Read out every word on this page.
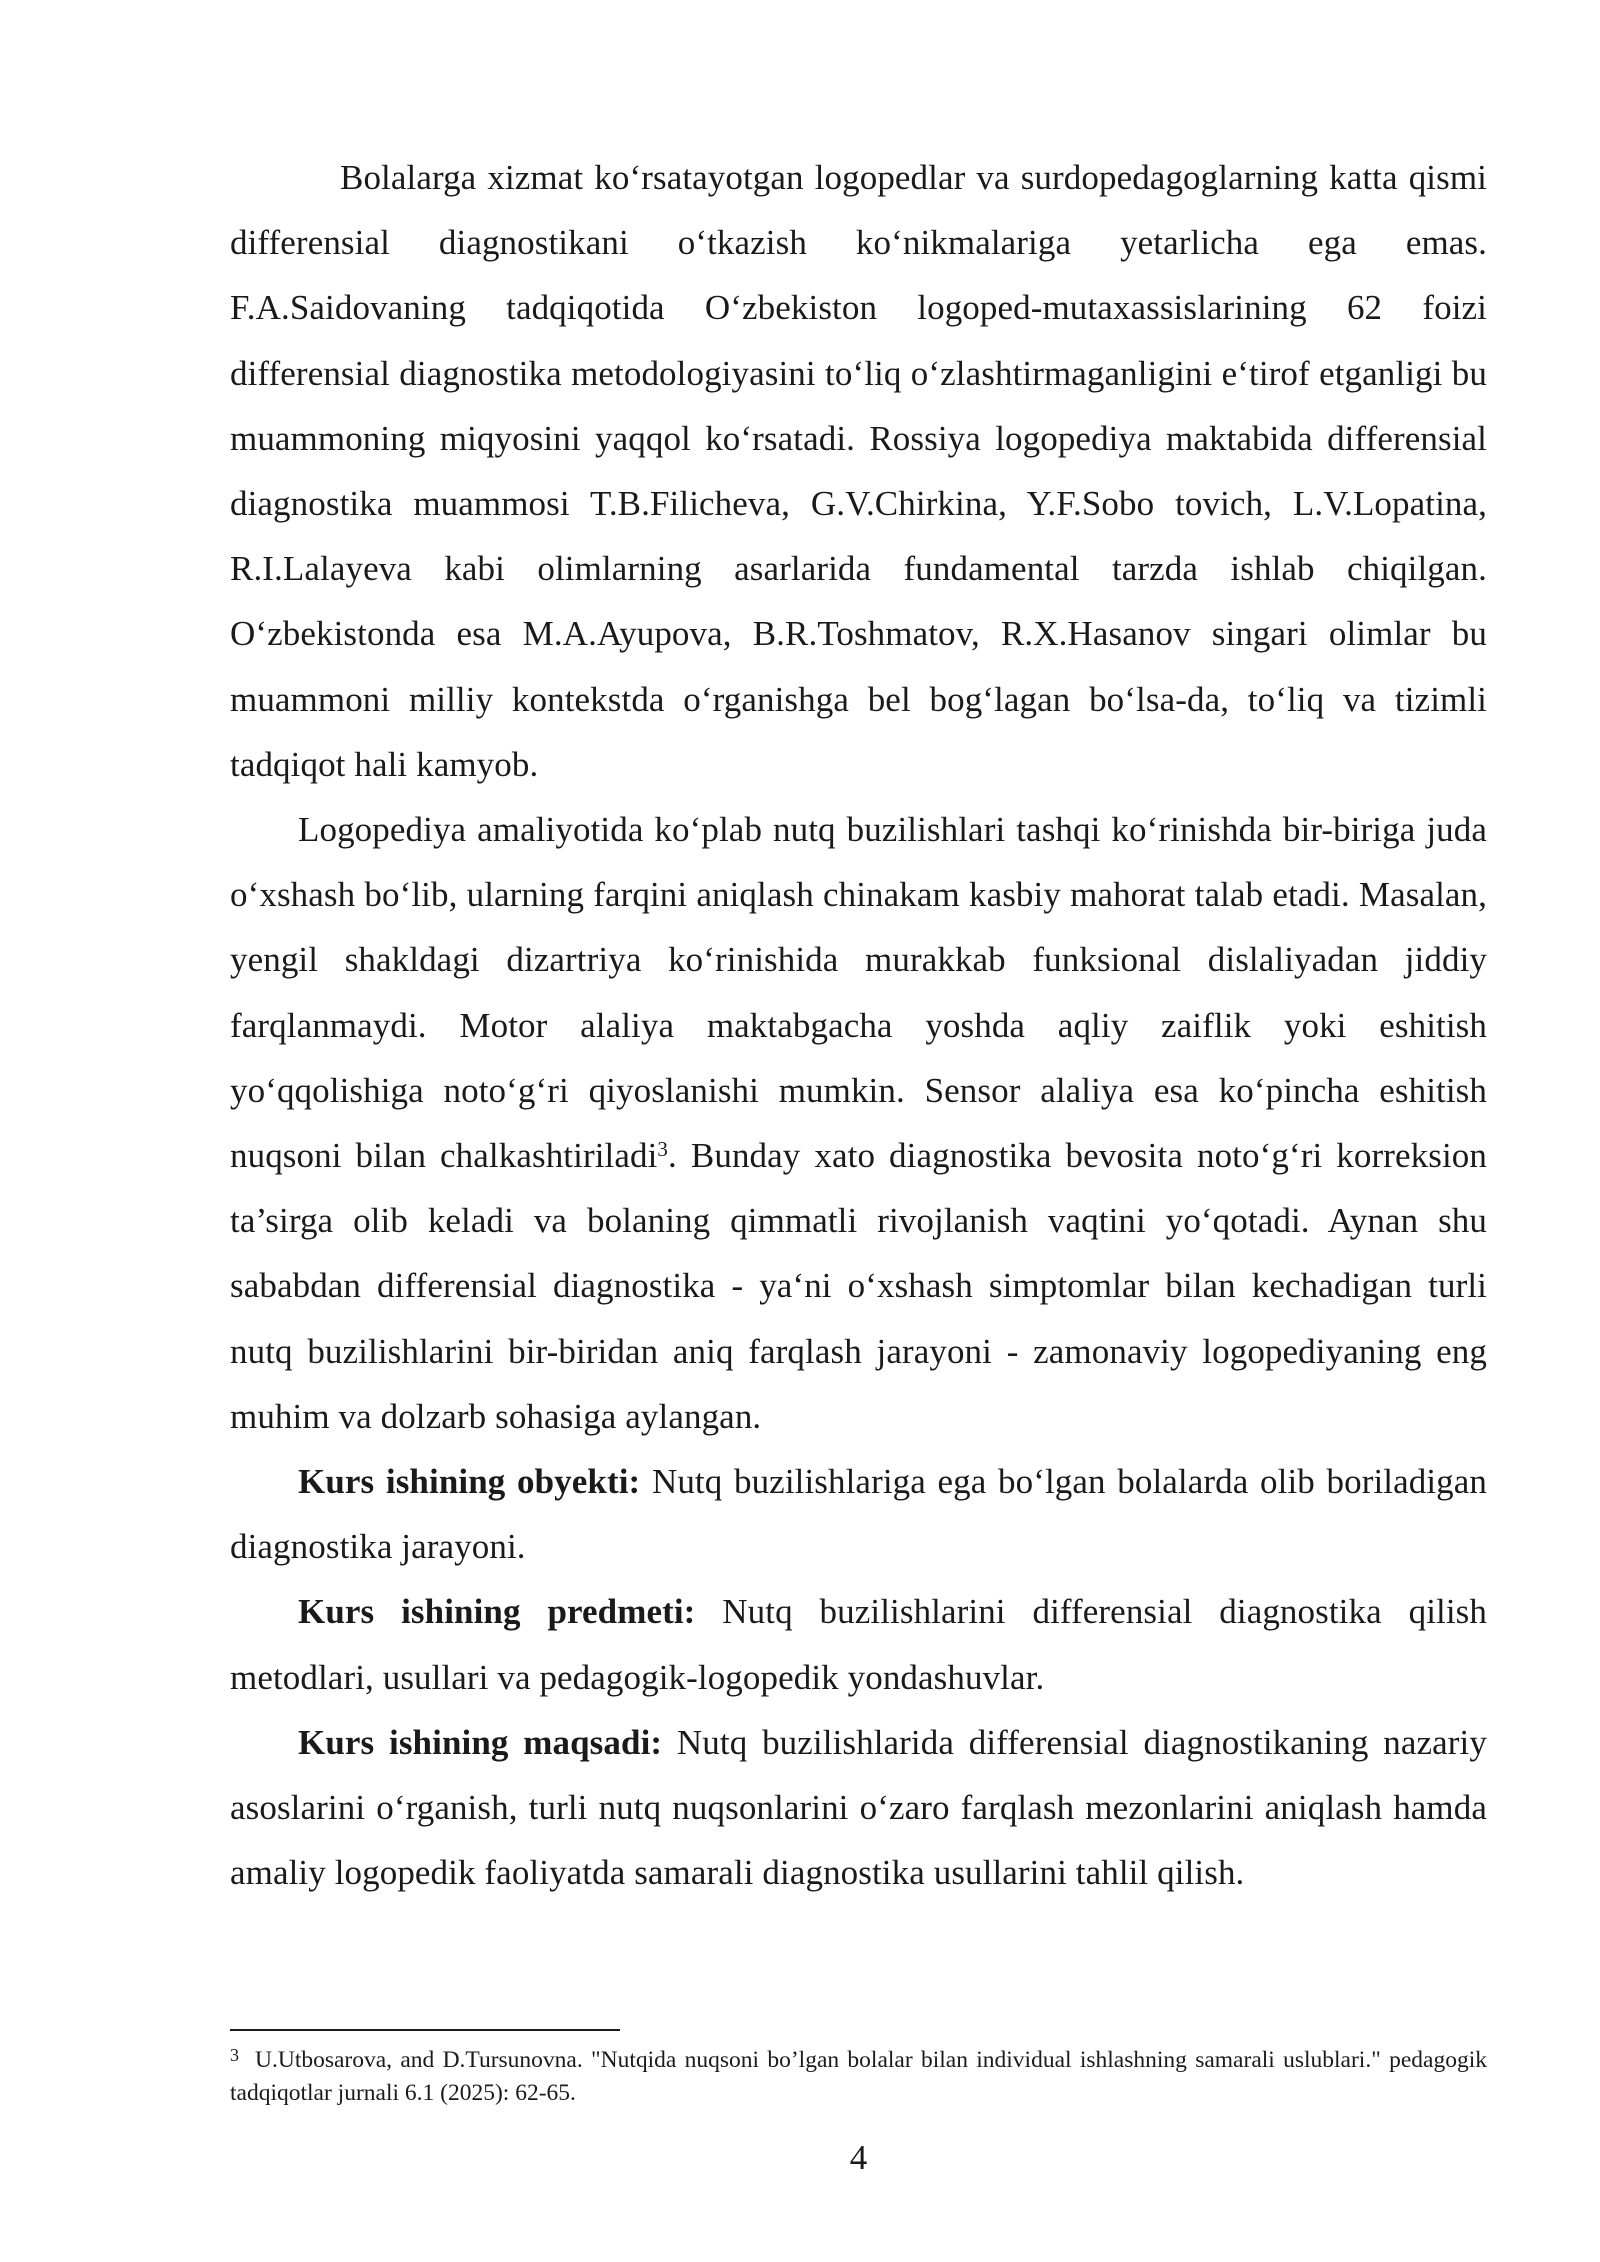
Bolalarga xizmat koʻrsatayotgan logopedlar va surdopedagoglarning katta qismi differensial diagnostikani oʻtkazish koʻnikmalariga yetarlicha ega emas. F.A.Saidovaning tadqiqotida Oʻzbekiston logoped-mutaxassislarining 62 foizi differensial diagnostika metodologiyasini toʻliq oʻzlashtirmaganligini eʻtirof etganligi bu muammoning miqyosini yaqqol koʻrsatadi. Rossiya logopediya maktabida differensial diagnostika muammosi T.B.Filicheva, G.V.Chirkina, Y.F.Sobo tovich, L.V.Lopatina, R.I.Lalayeva kabi olimlarning asarlarida fundamental tarzda ishlab chiqilgan. Oʻzbekistonda esa M.A.Ayupova, B.R.Toshmatov, R.X.Hasanov singari olimlar bu muammoni milliy kontekstda oʻrganishga bel bogʻlagan boʻlsa-da, toʻliq va tizimli tadqiqot hali kamyob.

Logopediya amaliyotida koʻplab nutq buzilishlari tashqi koʻrinishda bir-biriga juda oʻxshash boʻlib, ularning farqini aniqlash chinakam kasbiy mahorat talab etadi. Masalan, yengil shakldagi dizartriya koʻrinishida murakkab funksional dislaliyadan jiddiy farqlanmaydi. Motor alaliya maktabgacha yoshda aqliy zaiflik yoki eshitish yoʻqqolishiga notoʻgʻri qiyoslanishi mumkin. Sensor alaliya esa koʻpincha eshitish nuqsoni bilan chalkashtiriladi$^3$. Bunday xato diagnostika bevosita notoʻgʻri korreksion ta’sirga olib keladi va bolaning qimmatli rivojlanish vaqtini yoʻqotadi. Aynan shu sababdan differensial diagnostika - yaʻni oʻxshash simptomlar bilan kechadigan turli nutq buzilishlarini bir-biridan aniq farqlash jarayoni - zamonaviy logopediyaning eng muhim va dolzarb sohasiga aylangan.

Kurs ishining obyekti: Nutq buzilishlariga ega boʻlgan bolalarda olib boriladigan diagnostika jarayoni.

Kurs ishining predmeti: Nutq buzilishlarini differensial diagnostika qilish metodlari, usullari va pedagogik-logopedik yondashuvlar.

Kurs ishining maqsadi: Nutq buzilishlarida differensial diagnostikaning nazariy asoslarini oʻrganish, turli nutq nuqsonlarini oʻzaro farqlash mezonlarini aniqlash hamda amaliy logopedik faoliyatda samarali diagnostika usullarini tahlil qilish.

$^3$ U.Utbosarova, and D.Tursunovna. "Nutqida nuqsoni bo’lgan bolalar bilan individual ishlashning samarali uslublari." pedagogik tadqiqotlar jurnali 6.1 (2025): 62-65.
4
